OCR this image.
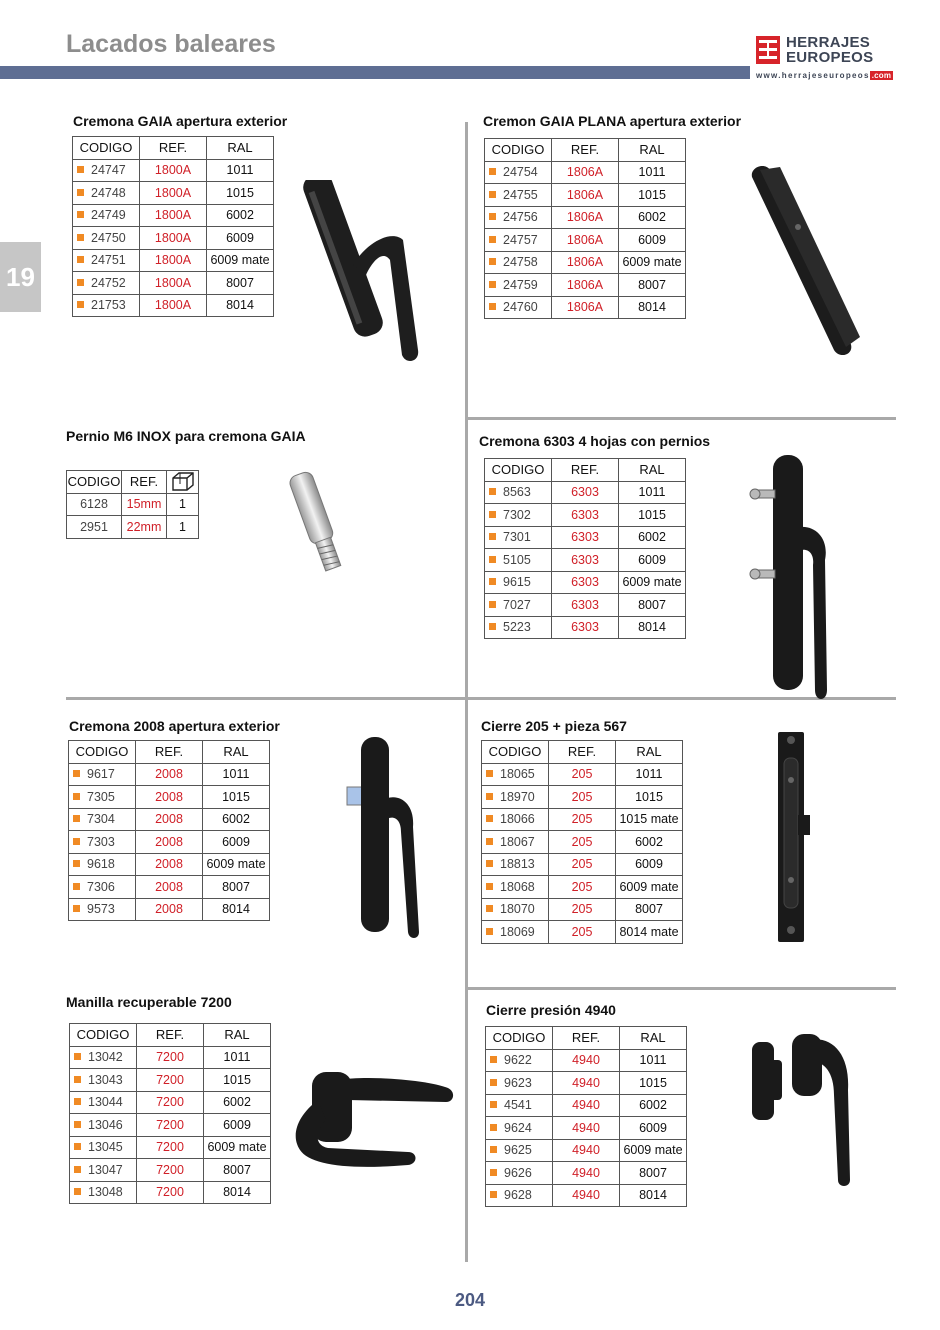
Lacados baleares	HERRAJES
EUROPEOS
www.herrajeseuropeos .com
19
Cremona GAIA apertura exterior
CODIGO	REF.	RAL
24747	1800A	1011
24748	1800A	1015
24749	1800A	6002
24750	1800A	6009
24751	1800A	6009 mate
24752	1800A	8007
21753	1800A	8014
Cremon GAIA PLANA apertura exterior
CODIGO	REF.	RAL
24754	1806A	1011
24755	1806A	1015
24756	1806A	6002
24757	1806A	6009
24758	1806A	6009 mate
24759	1806A	8007
24760	1806A	8014
Pernio M6 INOX para cremona GAIA
CODIGO	REF.	
6128	15mm	1
2951	22mm	1
Cremona 6303 4 hojas con pernios
CODIGO	REF.	RAL
8563	6303	1011
7302	6303	1015
7301	6303	6002
5105	6303	6009
9615	6303	6009 mate
7027	6303	8007
5223	6303	8014
Cremona 2008 apertura exterior
CODIGO	REF.	RAL
9617	2008	1011
7305	2008	1015
7304	2008	6002
7303	2008	6009
9618	2008	6009 mate
7306	2008	8007
9573	2008	8014
Cierre 205 + pieza 567
CODIGO	REF.	RAL
18065	205	1011
18970	205	1015
18066	205	1015 mate
18067	205	6002
18813	205	6009
18068	205	6009 mate
18070	205	8007
18069	205	8014 mate
Manilla recuperable 7200
CODIGO	REF.	RAL
13042	7200	1011
13043	7200	1015
13044	7200	6002
13046	7200	6009
13045	7200	6009 mate
13047	7200	8007
13048	7200	8014
Cierre presión 4940
CODIGO	REF.	RAL
9622	4940	1011
9623	4940	1015
4541	4940	6002
9624	4940	6009
9625	4940	6009 mate
9626	4940	8007
9628	4940	8014
204
